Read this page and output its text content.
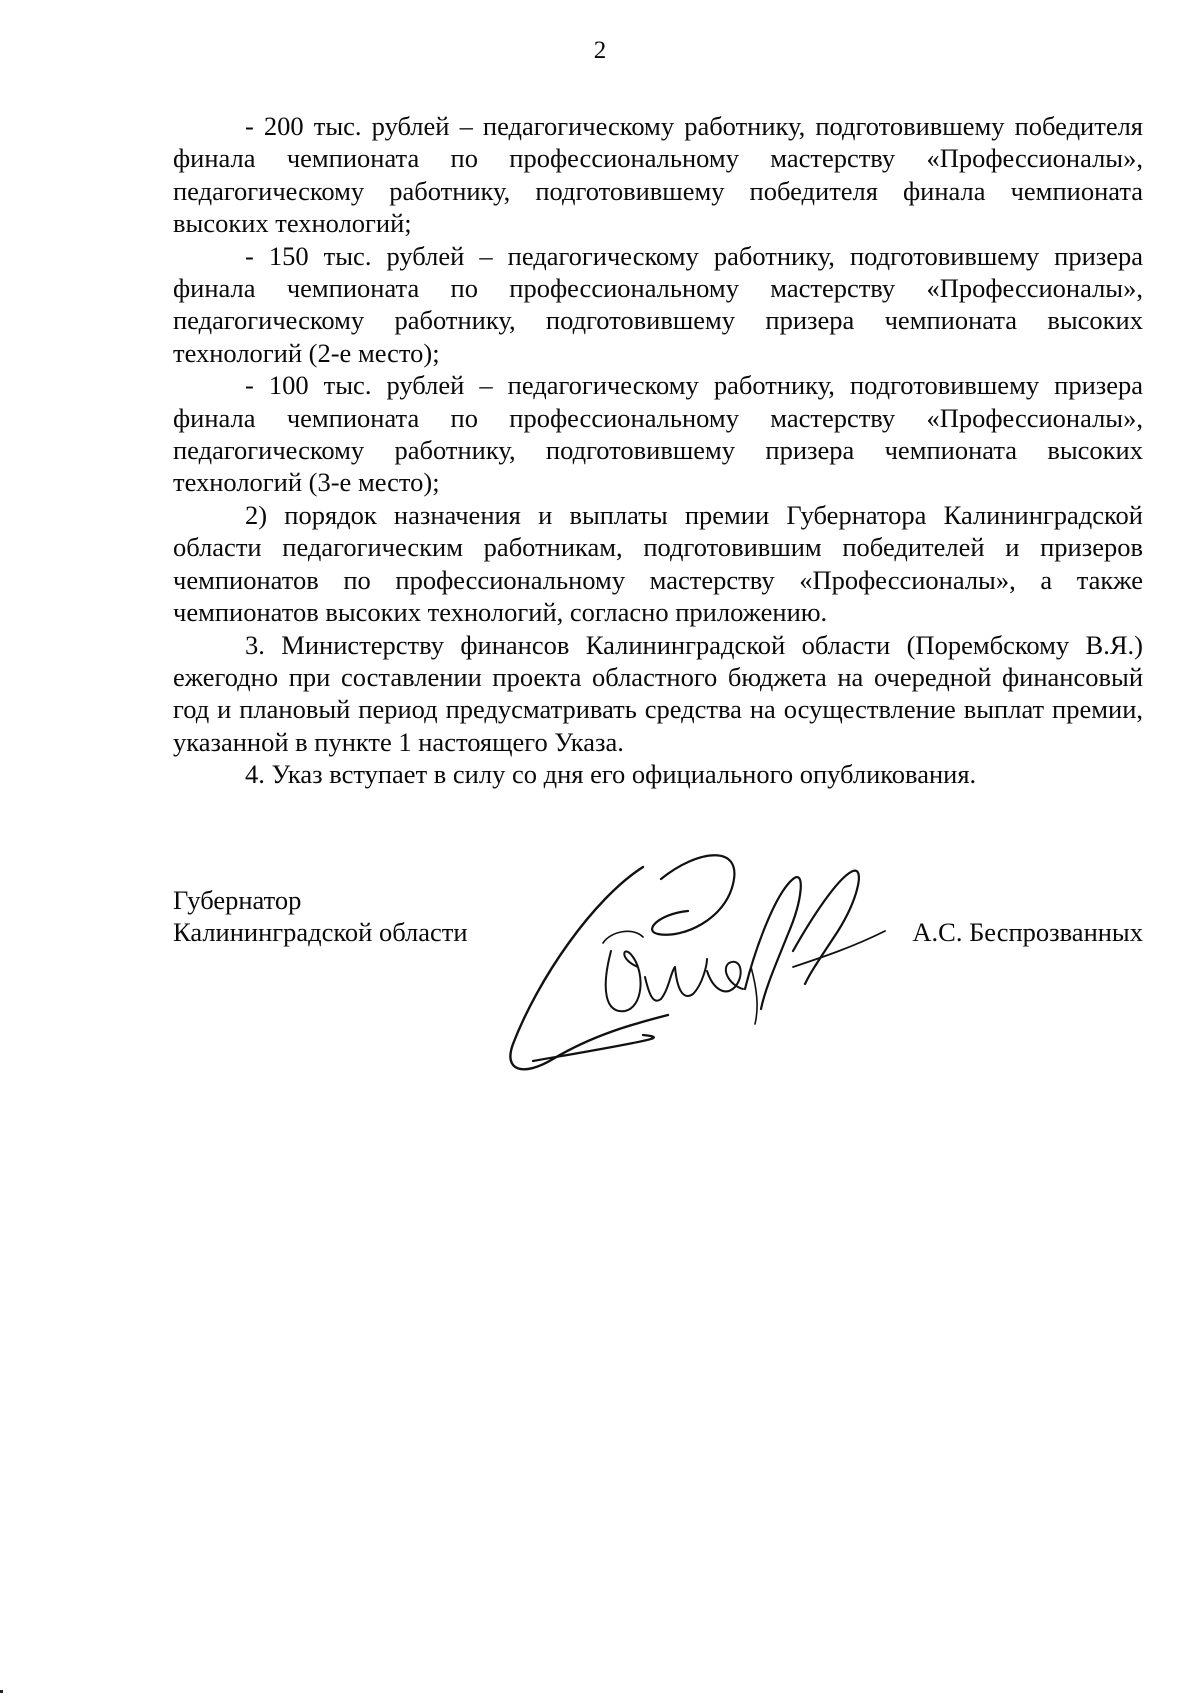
2

- 200 тыс. рублей – педагогическому работнику, подготовившему победителя финала чемпионата по профессиональному мастерству «Профессионалы», педагогическому работнику, подготовившему победителя финала чемпионата высоких технологий;

- 150 тыс. рублей – педагогическому работнику, подготовившему призера финала чемпионата по профессиональному мастерству «Профессионалы», педагогическому работнику, подготовившему призера чемпионата высоких технологий (2-е место);

- 100 тыс. рублей – педагогическому работнику, подготовившему призера финала чемпионата по профессиональному мастерству «Профессионалы», педагогическому работнику, подготовившему призера чемпионата высоких технологий (3-е место);

2) порядок назначения и выплаты премии Губернатора Калининградской области педагогическим работникам, подготовившим победителей и призеров чемпионатов по профессиональному мастерству «Профессионалы», а также чемпионатов высоких технологий, согласно приложению.

3. Министерству финансов Калининградской области (Порембскому В.Я.) ежегодно при составлении проекта областного бюджета на очередной финансовый год и плановый период предусматривать средства на осуществление выплат премии, указанной в пункте 1 настоящего Указа.

4. Указ вступает в силу со дня его официального опубликования.

Губернатор
Калининградской области	А.С. Беспрозванных
